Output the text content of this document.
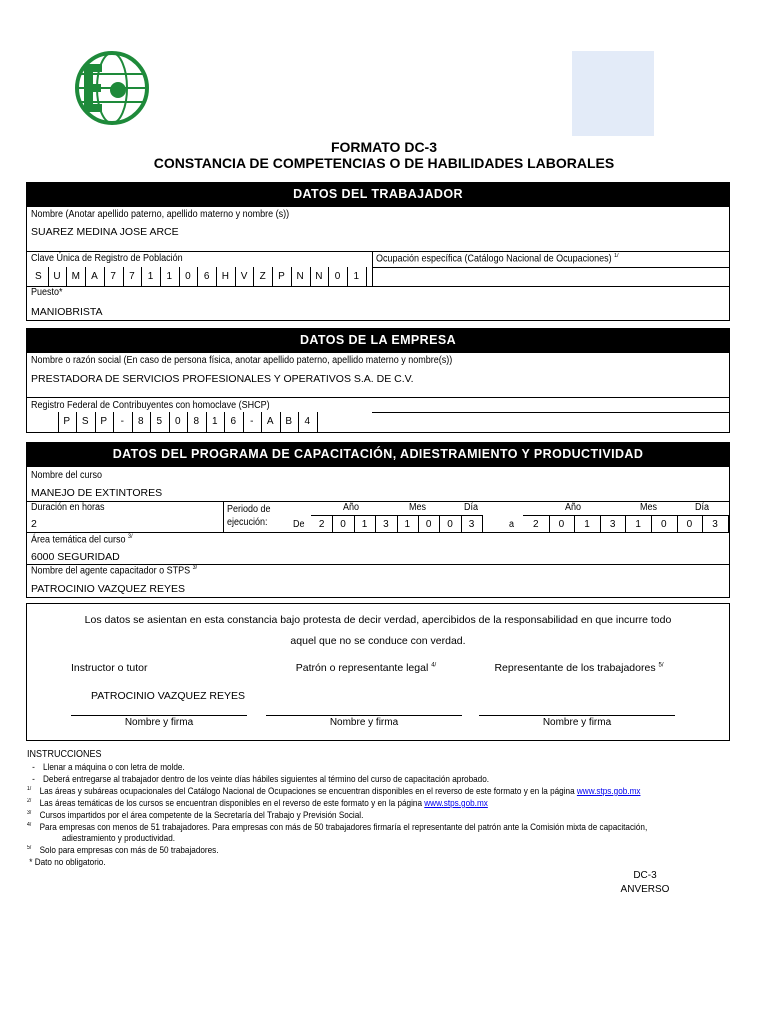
FORMATO DC-3
CONSTANCIA DE COMPETENCIAS O DE HABILIDADES LABORALES
DATOS DEL TRABAJADOR
Nombre (Anotar apellido paterno, apellido materno y nombre (s))
SUAREZ MEDINA JOSE ARCE
Clave Única de Registro de Población	Ocupación específica (Catálogo Nacional de Ocupaciones) $^{1/}$
S	U	M	A	7	7	1	1	0	6	H	V	Z	P	N	N	0	1
Puesto*
MANIOBRISTA
DATOS DE LA EMPRESA
Nombre o razón social (En caso de persona física, anotar apellido paterno, apellido materno y nombre(s))
PRESTADORA DE SERVICIOS PROFESIONALES Y OPERATIVOS S.A. DE C.V.
Registro Federal de Contribuyentes con homoclave (SHCP)
P	S	P	-	8	5	0	8	1	6	-	A	B	4
DATOS DEL PROGRAMA DE CAPACITACIÓN, ADIESTRAMIENTO Y PRODUCTIVIDAD
Nombre del curso
MANEJO DE EXTINTORES
Duración en horas
2
Periodo de
ejecución:	De	a
Año	Mes	Día	Año	Mes	Día
2	0	1	3	1	0	0	3	2	0	1	3	1	0	0	3
Área temática del curso $^{3/}$
6000 SEGURIDAD
Nombre del agente capacitador o STPS $^{3/}$
PATROCINIO VAZQUEZ REYES
Los datos se asientan en esta constancia bajo protesta de decir verdad, apercibidos de la responsabilidad en que incurre todo
aquel que no se conduce con verdad.
Instructor o tutor	Patrón o representante legal $^{4/}$	Representante de los trabajadores $^{5/}$
PATROCINIO VAZQUEZ REYES
Nombre y firma	Nombre y firma	Nombre y firma
INSTRUCCIONES
- Llenar a máquina o con letra de molde.
- Deberá entregarse al trabajador dentro de los veinte días hábiles siguientes al término del curso de capacitación aprobado.
1/ Las áreas y subáreas ocupacionales del Catálogo Nacional de Ocupaciones se encuentran disponibles en el reverso de este formato y en la página www.stps.gob.mx
2/ Las áreas temáticas de los cursos se encuentran disponibles en el reverso de este formato y en la página www.stps.gob.mx
3/ Cursos impartidos por el área competente de la Secretaría del Trabajo y Previsión Social.
4/ Para empresas con menos de 51 trabajadores. Para empresas con más de 50 trabajadores firmaría el representante del patrón ante la Comisión mixta de capacitación,
adiestramiento y productividad.
5/ Solo para empresas con más de 50 trabajadores.
* Dato no obligatorio.
DC-3
ANVERSO
